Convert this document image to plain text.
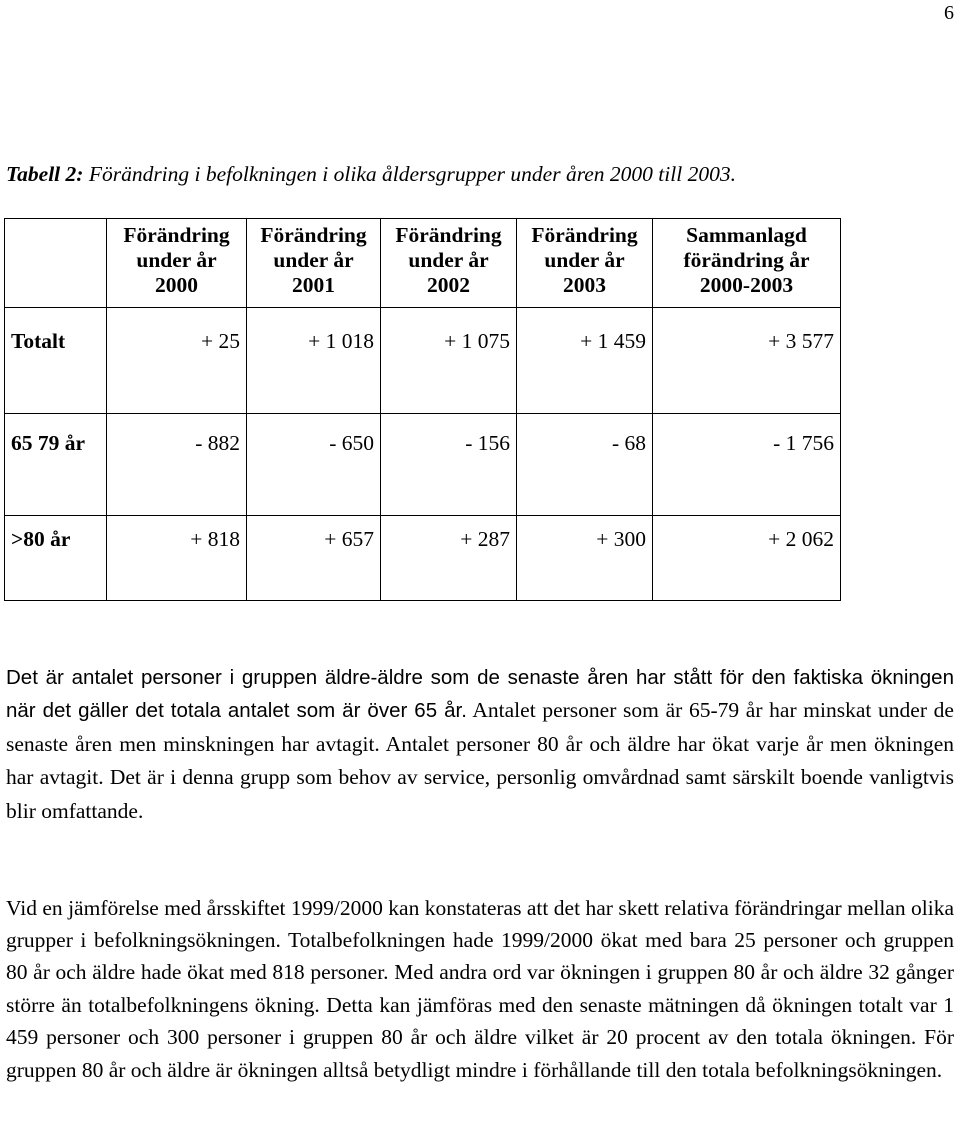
6
Tabell 2: Förändring i befolkningen i olika åldersgrupper under åren 2000 till 2003.

	Förändring
under år
2000	Förändring
under år
2001	Förändring
under år
2002	Förändring
under år
2003	Sammanlagd
förändring år
2000-2003

Totalt	+ 25	+ 1 018	+ 1 075	+ 1 459	+ 3 577
65 79 år	- 882	- 650	- 156	- 68	- 1 756
>80 år	+ 818	+ 657	+ 287	+ 300	+ 2 062

Det är antalet personer i gruppen äldre-äldre som de senaste åren har stått för den faktiska ökningen när det gäller det totala antalet som är över 65 år. Antalet personer som är 65-79 år har minskat under de senaste åren men minskningen har avtagit. Antalet personer 80 år och äldre har ökat varje år men ökningen har avtagit. Det är i denna grupp som behov av service, personlig omvårdnad samt särskilt boende vanligtvis blir omfattande.

Vid en jämförelse med årsskiftet 1999/2000 kan konstateras att det har skett relativa förändringar mellan olika grupper i befolkningsökningen. Totalbefolkningen hade 1999/2000 ökat med bara 25 personer och gruppen 80 år och äldre hade ökat med 818 personer. Med andra ord var ökningen i gruppen 80 år och äldre 32 gånger större än totalbefolkningens ökning. Detta kan jämföras med den senaste mätningen då ökningen totalt var 1 459 personer och 300 personer i gruppen 80 år och äldre vilket är 20 procent av den totala ökningen. För gruppen 80 år och äldre är ökningen alltså betydligt mindre i förhållande till den totala befolkningsökningen.
